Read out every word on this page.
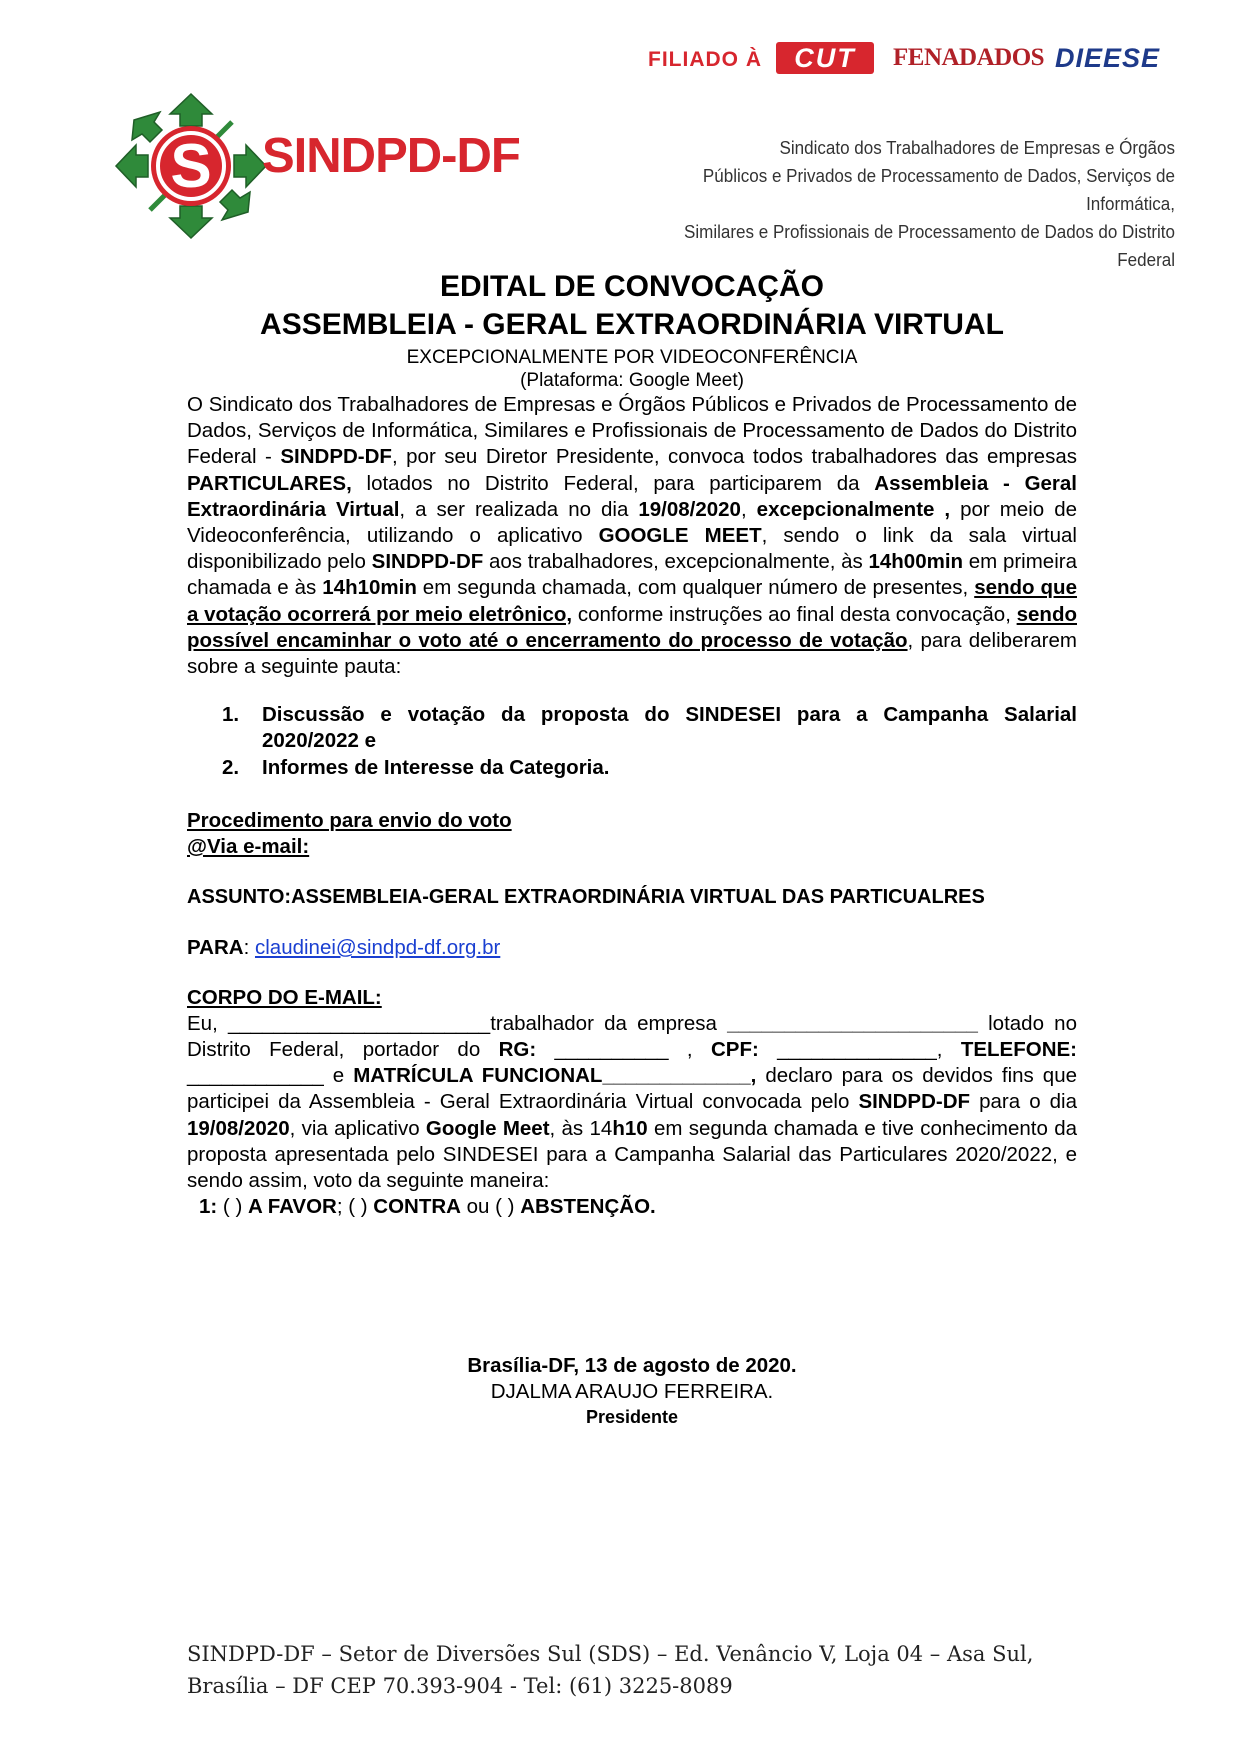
FILIADO À	CUT	FENADADOS DIEESE
S SINDPD-DF	Sindicato dos Trabalhadores de Empresas e Órgãos
Públicos e Privados de Processamento de Dados, Serviços de Informática,
Similares e Profissionais de Processamento de Dados do Distrito Federal
EDITAL DE CONVOCAÇÃO
ASSEMBLEIA - GERAL EXTRAORDINÁRIA VIRTUAL
EXCEPCIONALMENTE POR VIDEOCONFERÊNCIA
(Plataforma: Google Meet)

O Sindicato dos Trabalhadores de Empresas e Órgãos Públicos e Privados de Processamento de Dados, Serviços de Informática, Similares e Profissionais de Processamento de Dados do Distrito Federal - SINDPD-DF, por seu Diretor Presidente, convoca todos trabalhadores das empresas PARTICULARES, lotados no Distrito Federal, para participarem da Assembleia - Geral Extraordinária Virtual, a ser realizada no dia 19/08/2020, excepcionalmente , por meio de Videoconferência, utilizando o aplicativo GOOGLE MEET, sendo o link da sala virtual disponibilizado pelo SINDPD-DF aos trabalhadores, excepcionalmente, às 14h00min em primeira chamada e às 14h10min em segunda chamada, com qualquer número de presentes, sendo que a votação ocorrerá por meio eletrônico, conforme instruções ao final desta convocação, sendo possível encaminhar o voto até o encerramento do processo de votação, para deliberarem sobre a seguinte pauta:

1. Discussão e votação da proposta do SINDESEI para a Campanha Salarial 2020/2022 e
2. Informes de Interesse da Categoria.
Procedimento para envio do voto
@Via e-mail:
ASSUNTO:ASSEMBLEIA-GERAL EXTRAORDINÁRIA VIRTUAL DAS PARTICUALRES
PARA: claudinei@sindpd-df.org.br
CORPO DO E-MAIL:

Eu, _______________________trabalhador da empresa ______________________ lotado no Distrito Federal, portador do RG: __________ , CPF: ______________, TELEFONE: ____________ e MATRÍCULA FUNCIONAL_____________, declaro para os devidos fins que participei da Assembleia - Geral Extraordinária Virtual convocada pelo SINDPD-DF para o dia 19/08/2020, via aplicativo Google Meet, às 14h10 em segunda chamada e tive conhecimento da proposta apresentada pelo SINDESEI para a Campanha Salarial das Particulares 2020/2022, e sendo assim, voto da seguinte maneira:

1: ( ) A FAVOR; ( ) CONTRA ou ( ) ABSTENÇÃO.
Brasília-DF, 13 de agosto de 2020.
DJALMA ARAUJO FERREIRA.
Presidente
SINDPD-DF – Setor de Diversões Sul (SDS) – Ed. Venâncio V, Loja 04 – Asa Sul,
Brasília – DF CEP 70.393-904 - Tel: (61) 3225-8089
